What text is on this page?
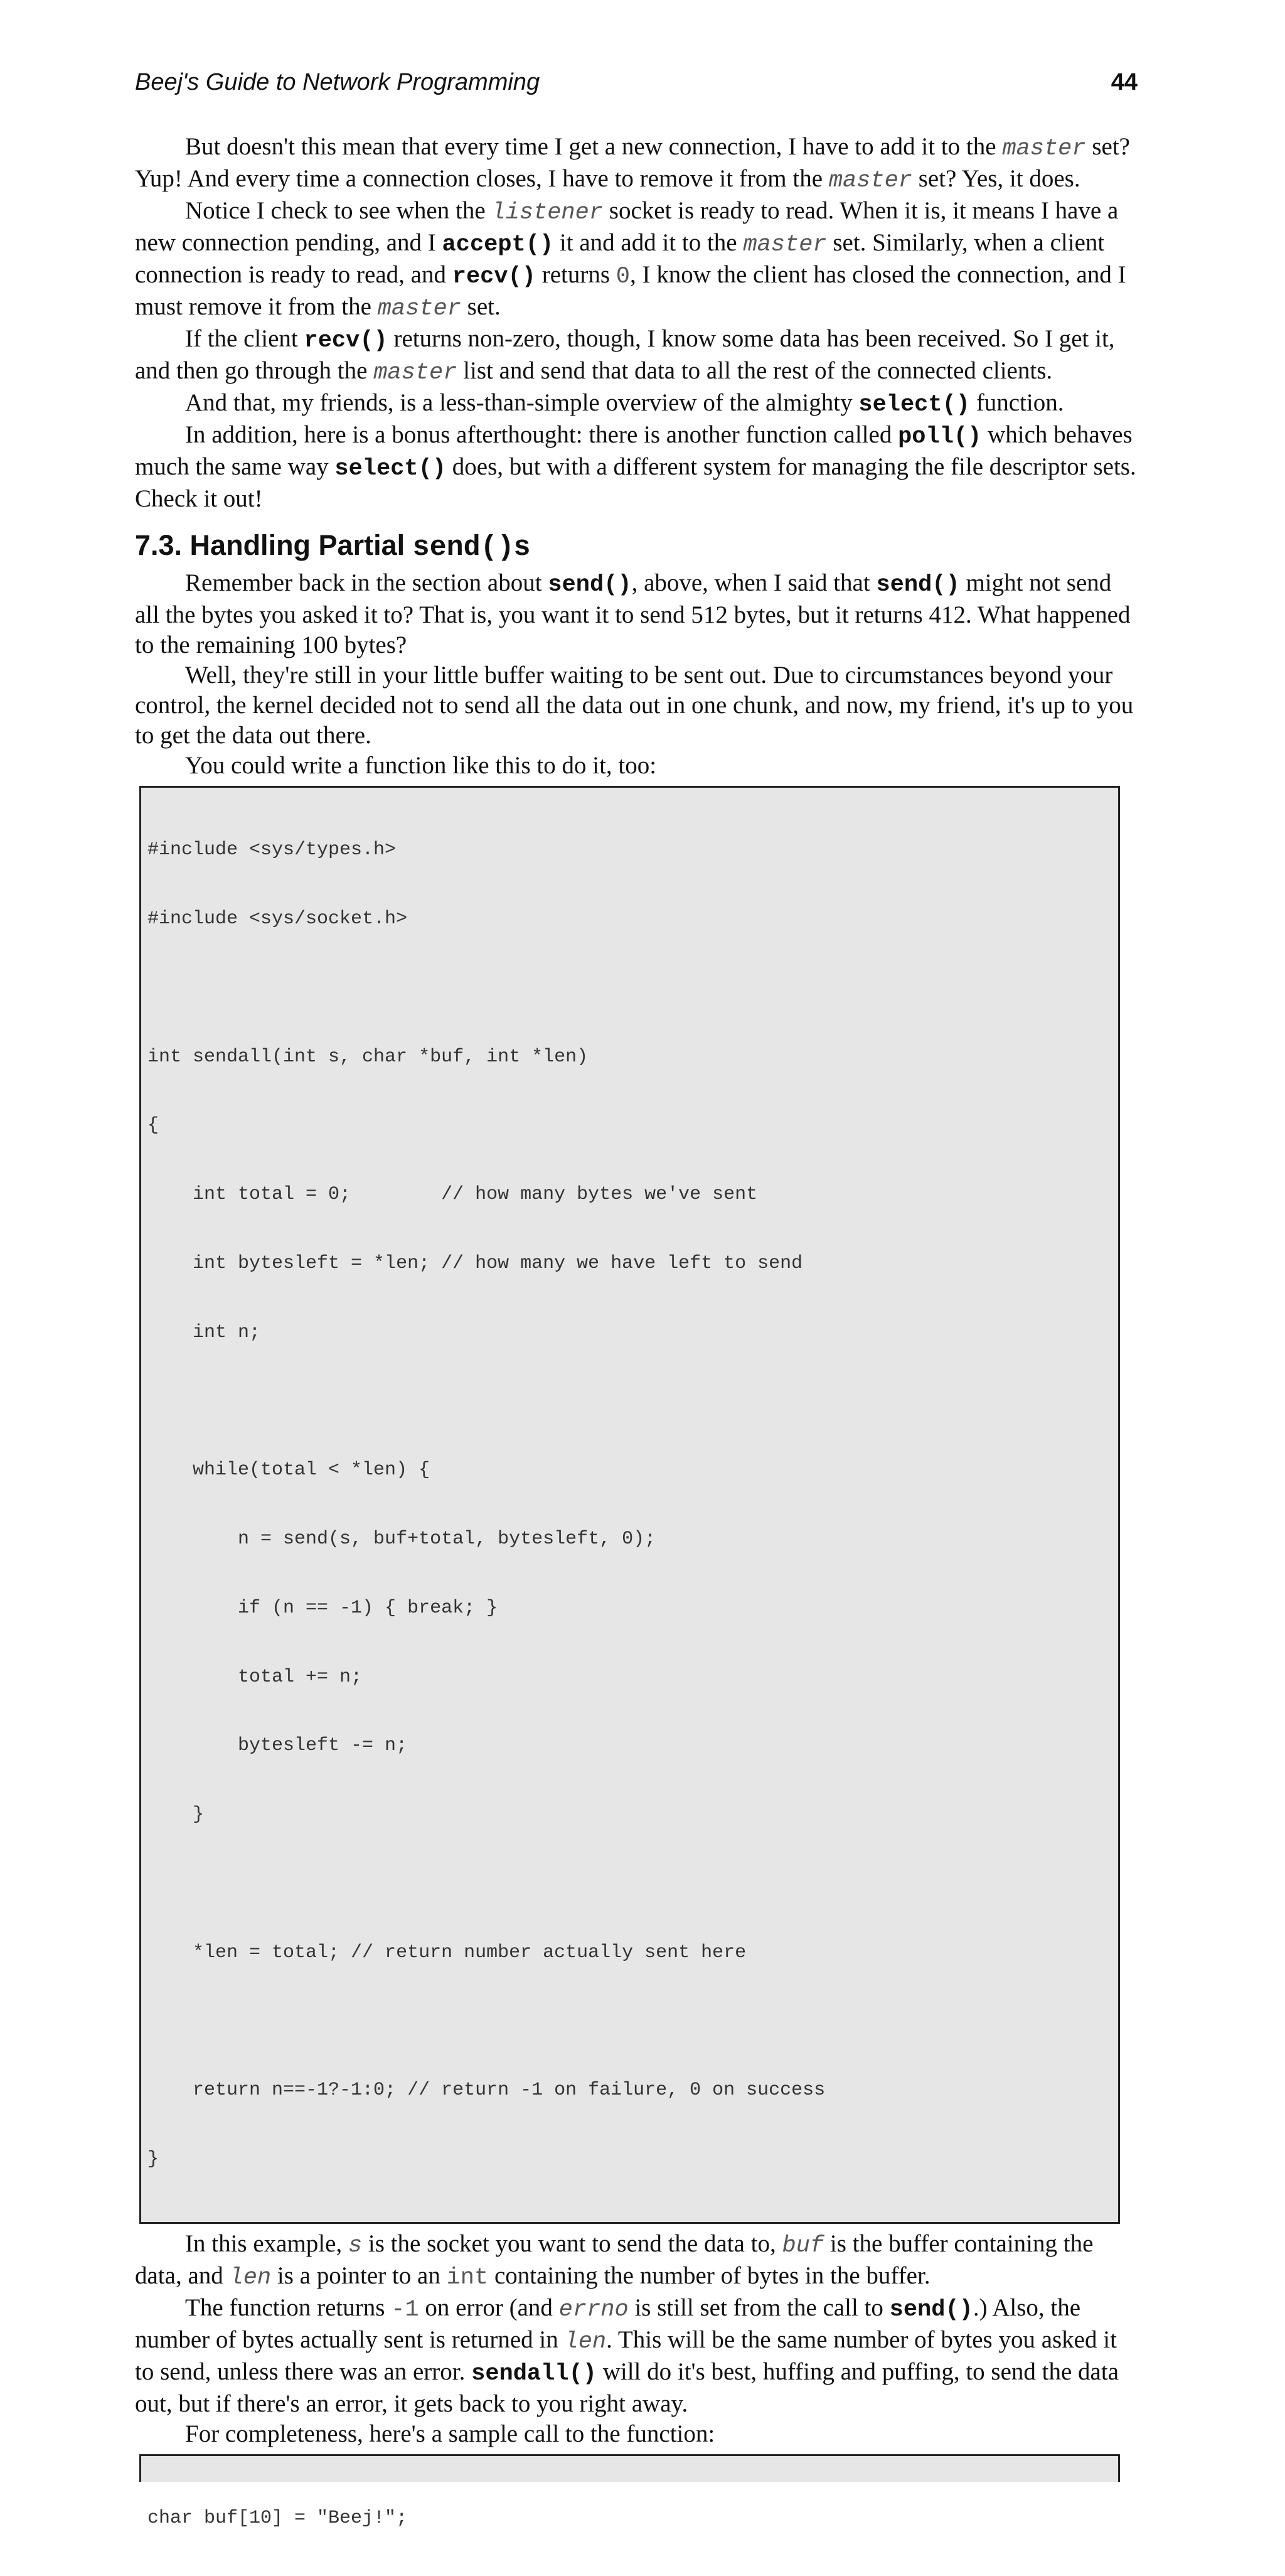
Beej's Guide to Network Programming	44

But doesn't this mean that every time I get a new connection, I have to add it to the master set? Yup! And every time a connection closes, I have to remove it from the master set? Yes, it does.

Notice I check to see when the listener socket is ready to read. When it is, it means I have a new connection pending, and I accept() it and add it to the master set. Similarly, when a client connection is ready to read, and recv() returns 0, I know the client has closed the connection, and I must remove it from the master set.

If the client recv() returns non-zero, though, I know some data has been received. So I get it, and then go through the master list and send that data to all the rest of the connected clients.

And that, my friends, is a less-than-simple overview of the almighty select() function.

In addition, here is a bonus afterthought: there is another function called poll() which behaves much the same way select() does, but with a different system for managing the file descriptor sets. Check it out!

7.3. Handling Partial send()s

Remember back in the section about send(), above, when I said that send() might not send all the bytes you asked it to? That is, you want it to send 512 bytes, but it returns 412. What happened to the remaining 100 bytes?

Well, they're still in your little buffer waiting to be sent out. Due to circumstances beyond your control, the kernel decided not to send all the data out in one chunk, and now, my friend, it's up to you to get the data out there.

You could write a function like this to do it, too:

#include <sys/types.h>

#include <sys/socket.h>

int sendall(int s, char *buf, int *len)

{

int total = 0;        // how many bytes we've sent

int bytesleft = *len; // how many we have left to send

int n;

while(total < *len) {

n = send(s, buf+total, bytesleft, 0);

if (n == -1) { break; }

total += n;

bytesleft -= n;

}

*len = total; // return number actually sent here

return n==-1?-1:0; // return -1 on failure, 0 on success

}

In this example, s is the socket you want to send the data to, buf is the buffer containing the data, and len is a pointer to an int containing the number of bytes in the buffer.

The function returns -1 on error (and errno is still set from the call to send().) Also, the number of bytes actually sent is returned in len. This will be the same number of bytes you asked it to send, unless there was an error. sendall() will do it's best, huffing and puffing, to send the data out, but if there's an error, it gets back to you right away.

For completeness, here's a sample call to the function:

char buf[10] = "Beej!";
